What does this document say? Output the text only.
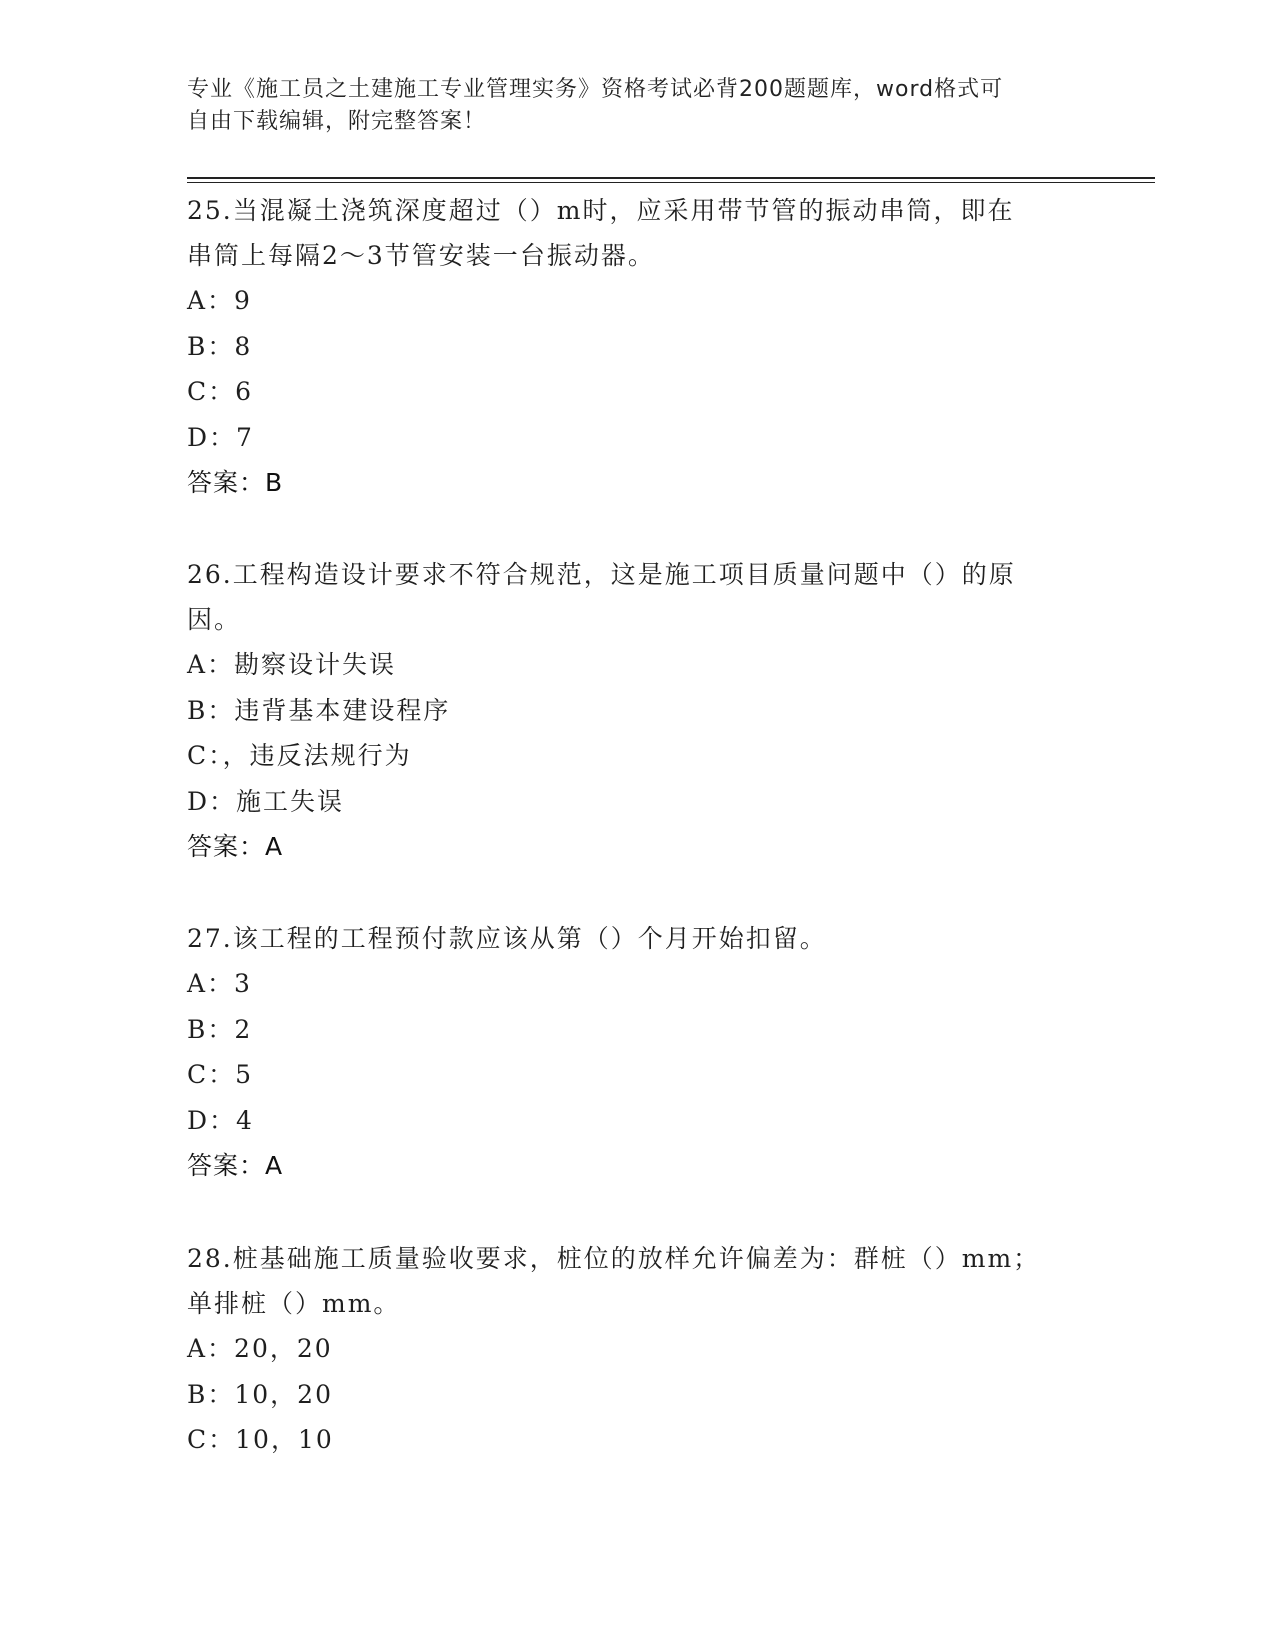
专业《施工员之土建施工专业管理实务》资格考试必背200题题库，word格式可
自由下载编辑，附完整答案！
25.当混凝土浇筑深度超过（）m时，应采用带节管的振动串筒，即在
串筒上每隔2～3节管安装一台振动器。
A：9
B：8
C：6
D：7
答案：B
26.工程构造设计要求不符合规范，这是施工项目质量问题中（）的原
因。
A：勘察设计失误
B：违背基本建设程序
C：，违反法规行为
D：施工失误
答案：A
27.该工程的工程预付款应该从第（）个月开始扣留。
A：3
B：2
C：5
D：4
答案：A
28.桩基础施工质量验收要求，桩位的放样允许偏差为：群桩（）mm；
单排桩（）mm。
A：20，20
B：10，20
C：10，10
